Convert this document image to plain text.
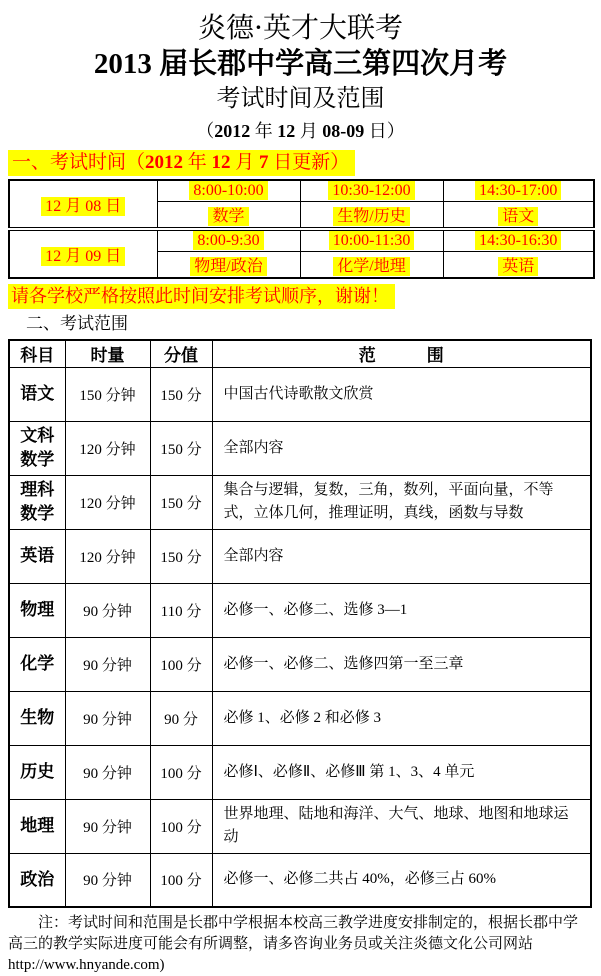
炎德·英才大联考
2013 届长郡中学高三第四次月考
考试时间及范围
（2012 年 12 月 08-09 日）
一、考试时间（2012 年 12 月 7 日更新）
12 月 08 日	8:00-10:00	10:30-12:00	14:30-17:00
	数学	生物/历史	语文
12 月 09 日	8:00-9:30	10:00-11:30	14:30-16:30
	物理/政治	化学/地理	英语
请各学校严格按照此时间安排考试顺序，谢谢！
二、考试范围
科目	时量	分值	范　　　围
语文	150 分钟	150 分	中国古代诗歌散文欣赏
文科数学	120 分钟	150 分	全部内容
理科数学	120 分钟	150 分	集合与逻辑，复数，三角，数列，平面向量，不等式，立体几何，推理证明，真线，函数与导数
英语	120 分钟	150 分	全部内容
物理	90 分钟	110 分	必修一、必修二、选修 3—1
化学	90 分钟	100 分	必修一、必修二、选修四第一至三章
生物	90 分钟	90 分	必修 1、必修 2 和必修 3
历史	90 分钟	100 分	必修Ⅰ、必修Ⅱ、必修Ⅲ 第 1、3、4 单元
地理	90 分钟	100 分	世界地理、陆地和海洋、大气、地球、地图和地球运动
政治	90 分钟	100 分	必修一、必修二共占 40%，必修三占 60%
注：考试时间和范围是长郡中学根据本校高三教学进度安排制定的，根据长郡中学
高三的教学实际进度可能会有所调整，请多咨询业务员或关注炎德文化公司网站
http://www.hnyande.com)
